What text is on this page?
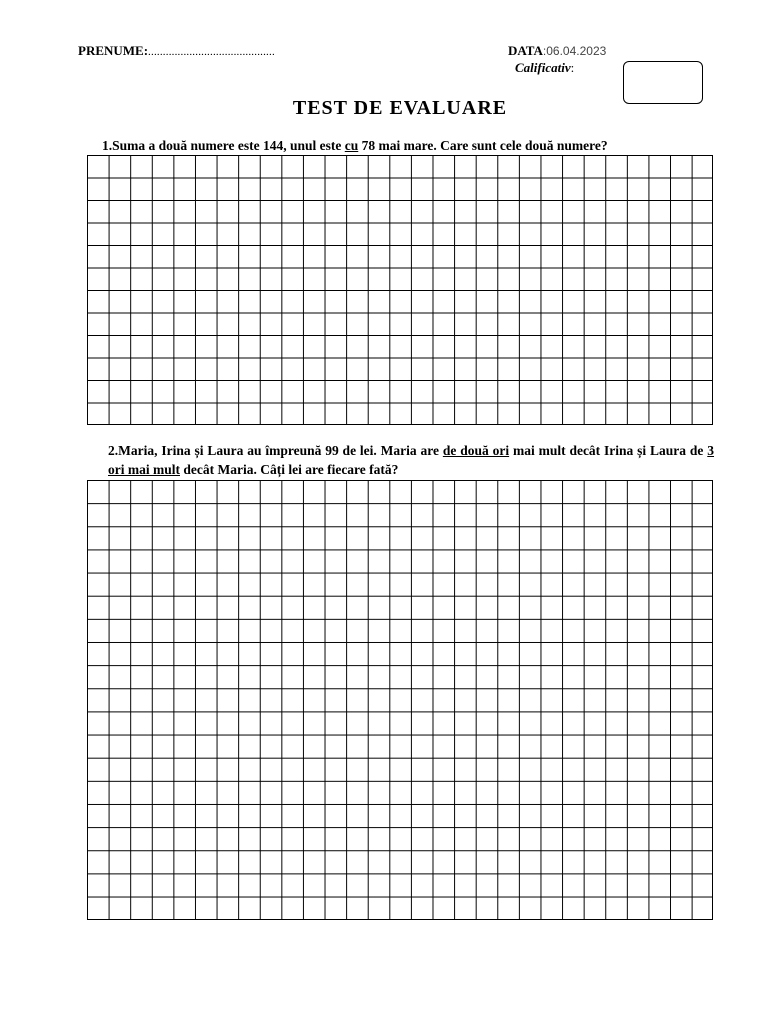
PRENUME:...........................................	DATA:06.04.2023
Calificativ:
TEST DE EVALUARE
1.Suma a două numere este 144, unul este cu 78 mai mare. Care sunt cele două numere?
2.Maria, Irina și Laura au împreună 99 de lei. Maria are de două ori mai mult decât Irina și Laura de 3 ori mai mult decât Maria. Câți lei are fiecare fată?
